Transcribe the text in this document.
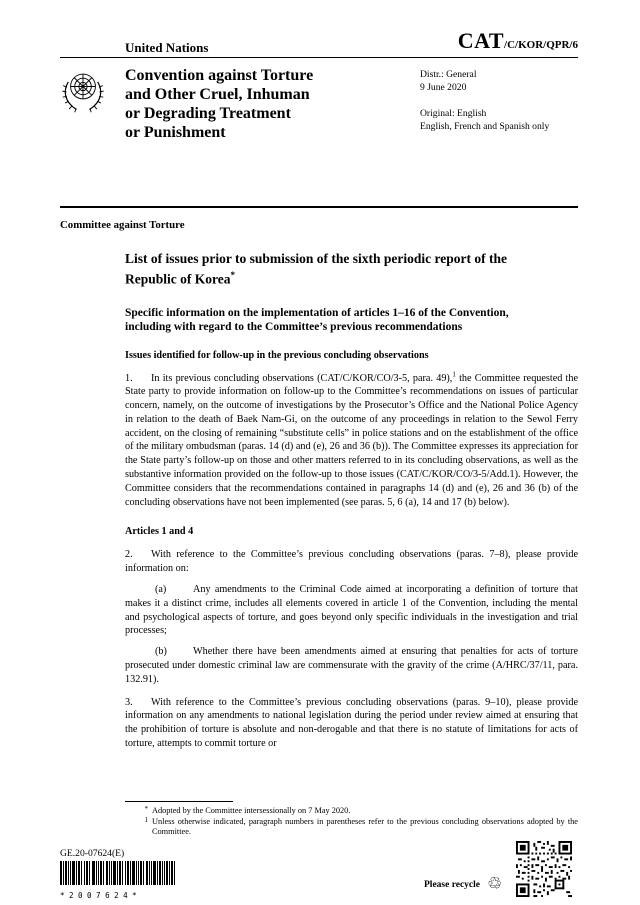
United Nations	CAT/C/KOR/QPR/6
Convention against Torture
and Other Cruel, Inhuman
or Degrading Treatment
or Punishment
Distr.: General
9 June 2020
Original: English
English, French and Spanish only
Committee against Torture
List of issues prior to submission of the sixth periodic report of the Republic of Korea*
Specific information on the implementation of articles 1–16 of the Convention, including with regard to the Committee’s previous recommendations
Issues identified for follow-up in the previous concluding observations

1. In its previous concluding observations (CAT/C/KOR/CO/3-5, para. 49),$^1$ the Committee requested the State party to provide information on follow-up to the Committee’s recommendations on issues of particular concern, namely, on the outcome of investigations by the Prosecutor’s Office and the National Police Agency in relation to the death of Baek Nam-Gi, on the outcome of any proceedings in relation to the Sewol Ferry accident, on the closing of remaining “substitute cells” in police stations and on the establishment of the office of the military ombudsman (paras. 14 (d) and (e), 26 and 36 (b)). The Committee expresses its appreciation for the State party’s follow-up on those and other matters referred to in its concluding observations, as well as the substantive information provided on the follow-up to those issues (CAT/C/KOR/CO/3-5/Add.1). However, the Committee considers that the recommendations contained in paragraphs 14 (d) and (e), 26 and 36 (b) of the concluding observations have not been implemented (see paras. 5, 6 (a), 14 and 17 (b) below).

Articles 1 and 4

2. With reference to the Committee’s previous concluding observations (paras. 7–8), please provide information on:

(a)	Any amendments to the Criminal Code aimed at incorporating a definition of torture that makes it a distinct crime, includes all elements covered in article 1 of the Convention, including the mental and psychological aspects of torture, and goes beyond only specific individuals in the investigation and trial processes;

(b)	Whether there have been amendments aimed at ensuring that penalties for acts of torture prosecuted under domestic criminal law are commensurate with the gravity of the crime (A/HRC/37/11, para. 132.91).

3. With reference to the Committee’s previous concluding observations (paras. 9–10), please provide information on any amendments to national legislation during the period under review aimed at ensuring that the prohibition of torture is absolute and non-derogable and that there is no statute of limitations for acts of torture, attempts to commit torture or

* Adopted by the Committee intersessionally on 7 May 2020.
1 Unless otherwise indicated, paragraph numbers in parentheses refer to the previous concluding observations adopted by the Committee.
GE.20-07624(E)
*2007624*
Please recycle ♲
